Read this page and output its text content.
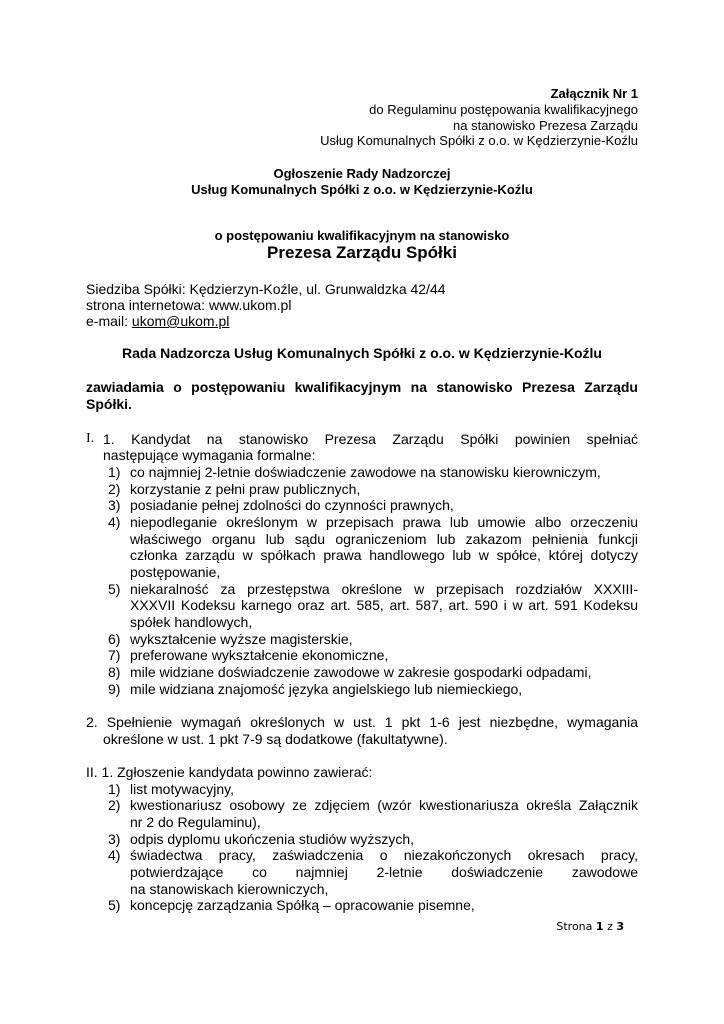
Załącznik Nr 1
do Regulaminu postępowania kwalifikacyjnego
na stanowisko Prezesa Zarządu
Usług Komunalnych Spółki z o.o. w Kędzierzynie-Koźlu
Ogłoszenie Rady Nadzorczej
Usług Komunalnych Spółki z o.o. w Kędzierzynie-Koźlu
o postępowaniu kwalifikacyjnym na stanowisko
Prezesa Zarządu Spółki
Siedziba Spółki: Kędzierzyn-Koźle, ul. Grunwaldzka 42/44
strona internetowa: www.ukom.pl
e-mail: ukom@ukom.pl
Rada Nadzorcza Usług Komunalnych Spółki z o.o. w Kędzierzynie-Koźlu
zawiadamia o postępowaniu kwalifikacyjnym na stanowisko Prezesa Zarządu
Spółki.
I. 1. Kandydat na stanowisko Prezesa Zarządu Spółki powinien spełniać
następujące wymagania formalne:
1) co najmniej 2-letnie doświadczenie zawodowe na stanowisku kierowniczym,
2) korzystanie z pełni praw publicznych,
3) posiadanie pełnej zdolności do czynności prawnych,
4) niepodleganie określonym w przepisach prawa lub umowie albo orzeczeniu
właściwego organu lub sądu ograniczeniom lub zakazom pełnienia funkcji
członka zarządu w spółkach prawa handlowego lub w spółce, której dotyczy
postępowanie,
5) niekaralność za przestępstwa określone w przepisach rozdziałów XXXIII-
XXXVII Kodeksu karnego oraz art. 585, art. 587, art. 590 i w art. 591 Kodeksu
spółek handlowych,
6) wykształcenie wyższe magisterskie,
7) preferowane wykształcenie ekonomiczne,
8) mile widziane doświadczenie zawodowe w zakresie gospodarki odpadami,
9) mile widziana znajomość języka angielskiego lub niemieckiego,
2. Spełnienie wymagań określonych w ust. 1 pkt 1-6 jest niezbędne, wymagania
określone w ust. 1 pkt 7-9 są dodatkowe (fakultatywne).
II. 1. Zgłoszenie kandydata powinno zawierać:
1) list motywacyjny,
2) kwestionariusz osobowy ze zdjęciem (wzór kwestionariusza określa Załącznik
nr 2 do Regulaminu),
3) odpis dyplomu ukończenia studiów wyższych,
4) świadectwa pracy, zaświadczenia o niezakończonych okresach pracy,
potwierdzające co najmniej 2-letnie doświadczenie zawodowe
na stanowiskach kierowniczych,
5) koncepcję zarządzania Spółką – opracowanie pisemne,
Strona 1 z 3
